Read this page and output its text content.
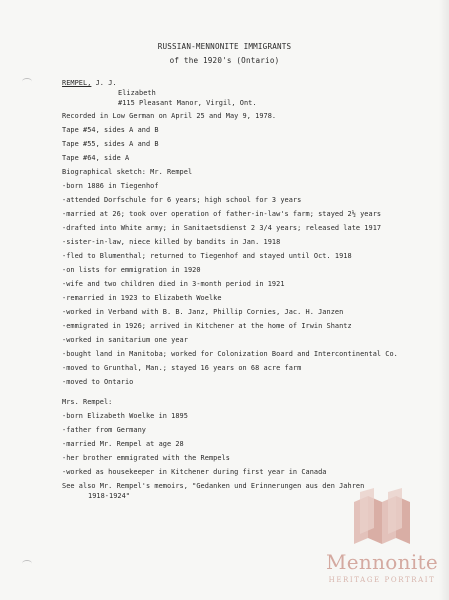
RUSSIAN-MENNONITE IMMIGRANTS
of the 1920's (Ontario)
REMPEL, J. J.
Elizabeth
#115 Pleasant Manor, Virgil, Ont.
Recorded in Low German on April 25 and May 9, 1978.
Tape #54, sides A and B
Tape #55, sides A and B
Tape #64, side A
Biographical sketch: Mr. Rempel
-born 1886 in Tiegenhof
-attended Dorfschule for 6 years; high school for 3 years
-married at 26; took over operation of father-in-law's farm; stayed 2½ years
-drafted into White army; in Sanitaetsdienst 2 3/4 years; released late 1917
-sister-in-law, niece killed by bandits in Jan. 1918
-fled to Blumenthal; returned to Tiegenhof and stayed until Oct. 1918
-on lists for emmigration in 1920
-wife and two children died in 3-month period in 1921
-remarried in 1923 to Elizabeth Woelke
-worked in Verband with B. B. Janz, Phillip Cornies, Jac. H. Janzen
-emmigrated in 1926; arrived in Kitchener at the home of Irwin Shantz
-worked in sanitarium one year
-bought land in Manitoba; worked for Colonization Board and Intercontinental Co.
-moved to Grunthal, Man.; stayed 16 years on 68 acre farm
-moved to Ontario
Mrs. Rempel:
-born Elizabeth Woelke in 1895
-father from Germany
-married Mr. Rempel at age 28
-her brother emmigrated with the Rempels
-worked as housekeeper in Kitchener during first year in Canada
See also Mr. Rempel's memoirs, "Gedanken und Erinnerungen aus den Jahren
1918-1924"
Mennonite
HERITAGE PORTRAIT
